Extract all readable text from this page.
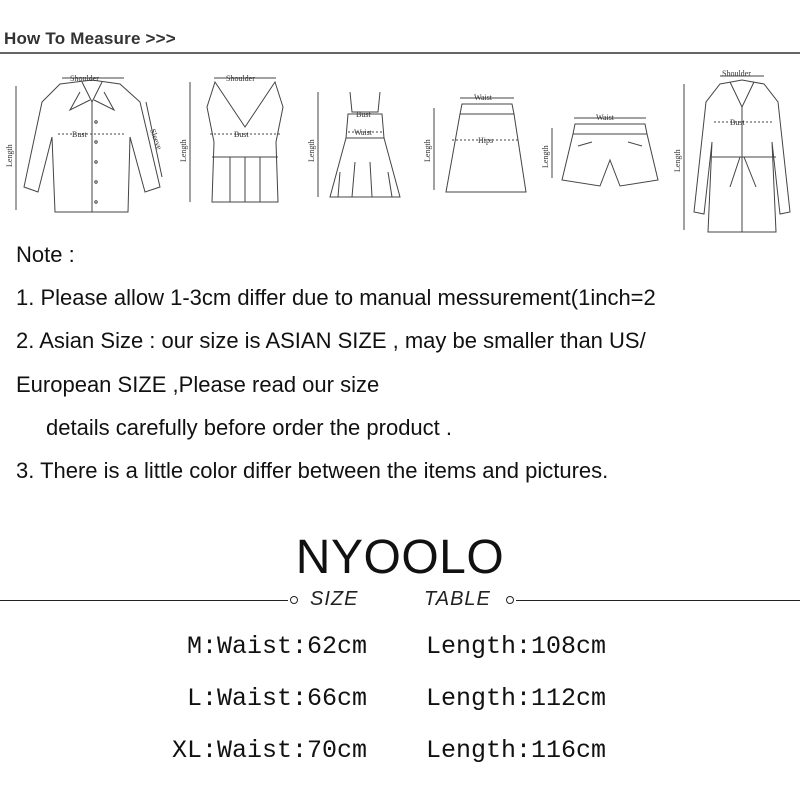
How To Measure >>>
Shoulder
Bust
Length
Sleeve
Shoulder
Bust
Length
Bust
Waist
Length
Waist
Hips
Length
Waist
Length
Shoulder
Bust
Length
Note :
1. Please allow 1-3cm differ due to manual messurement(1inch=2
2. Asian Size : our size is ASIAN SIZE , may be smaller than US/
European SIZE ,Please read our size
details carefully before order the product .
3. There is a little color differ between the items and pictures.
NYOOLO
SIZE	TABLE
M:Waist:62cm Length:108cm
L:Waist:66cm Length:112cm
XL:Waist:70cm Length:116cm
